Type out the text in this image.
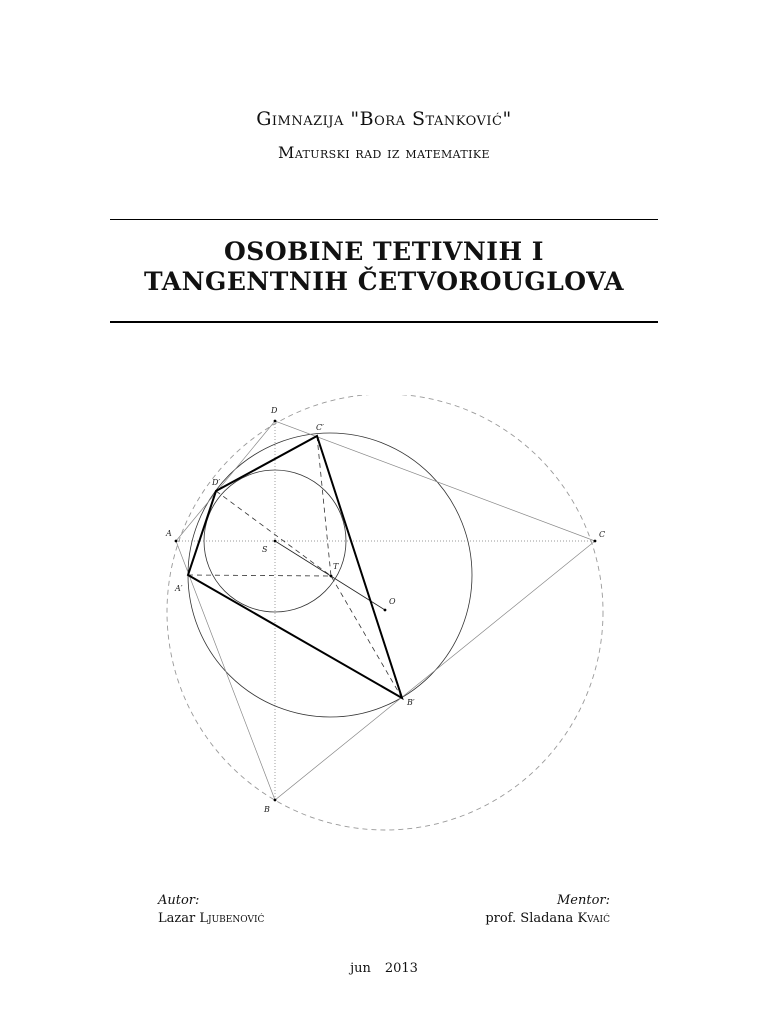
Gimnazija "Bora Stanković"
Maturski rad iz matematike
OSOBINE TETIVNIH I
TANGENTNIH ČETVOROUGLOVA
A
B
C
D
A′
B′
C′
D′
S
T
O
Autor:
Lazar Ljubenović
Mentor:
prof. Sladana Kvaić
jun 2013
